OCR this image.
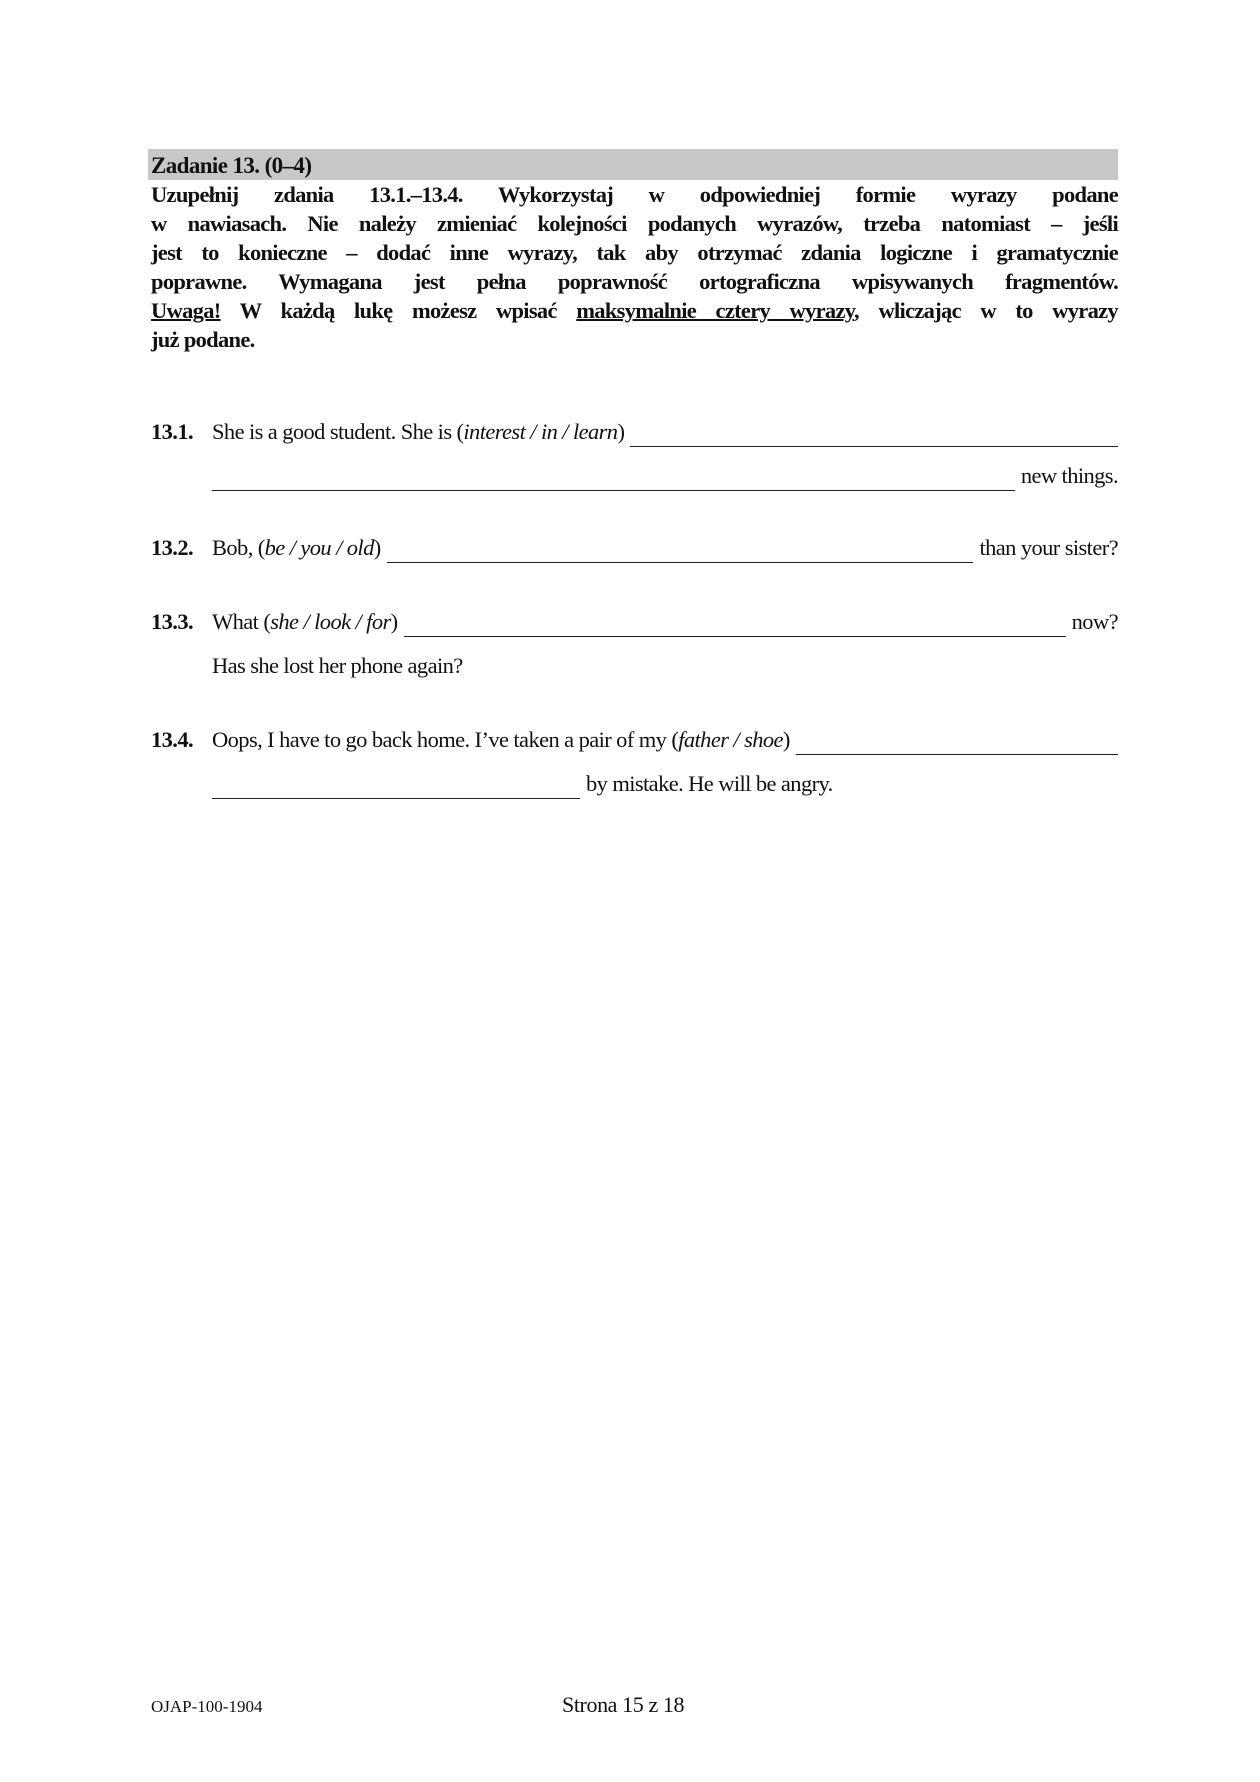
Zadanie 13. (0–4)
Uzupełnij zdania 13.1.–13.4. Wykorzystaj w odpowiedniej formie wyrazy podane
w nawiasach. Nie należy zmieniać kolejności podanych wyrazów, trzeba natomiast – jeśli
jest to konieczne – dodać inne wyrazy, tak aby otrzymać zdania logiczne i gramatycznie
poprawne. Wymagana jest pełna poprawność ortograficzna wpisywanych fragmentów.
Uwaga! W każdą lukę możesz wpisać maksymalnie cztery wyrazy, wliczając w to wyrazy
już podane.
13.1. She is a good student. She is ( interest / in / learn )
new things.
13.2. Bob, ( be / you / old )	than your sister?
13.3. What ( she / look / for )	now?
Has she lost her phone again?
13.4. Oops, I have to go back home. I’ve taken a pair of my ( father / shoe )
by mistake. He will be angry.
OJAP-100-1904	Strona 15 z 18
